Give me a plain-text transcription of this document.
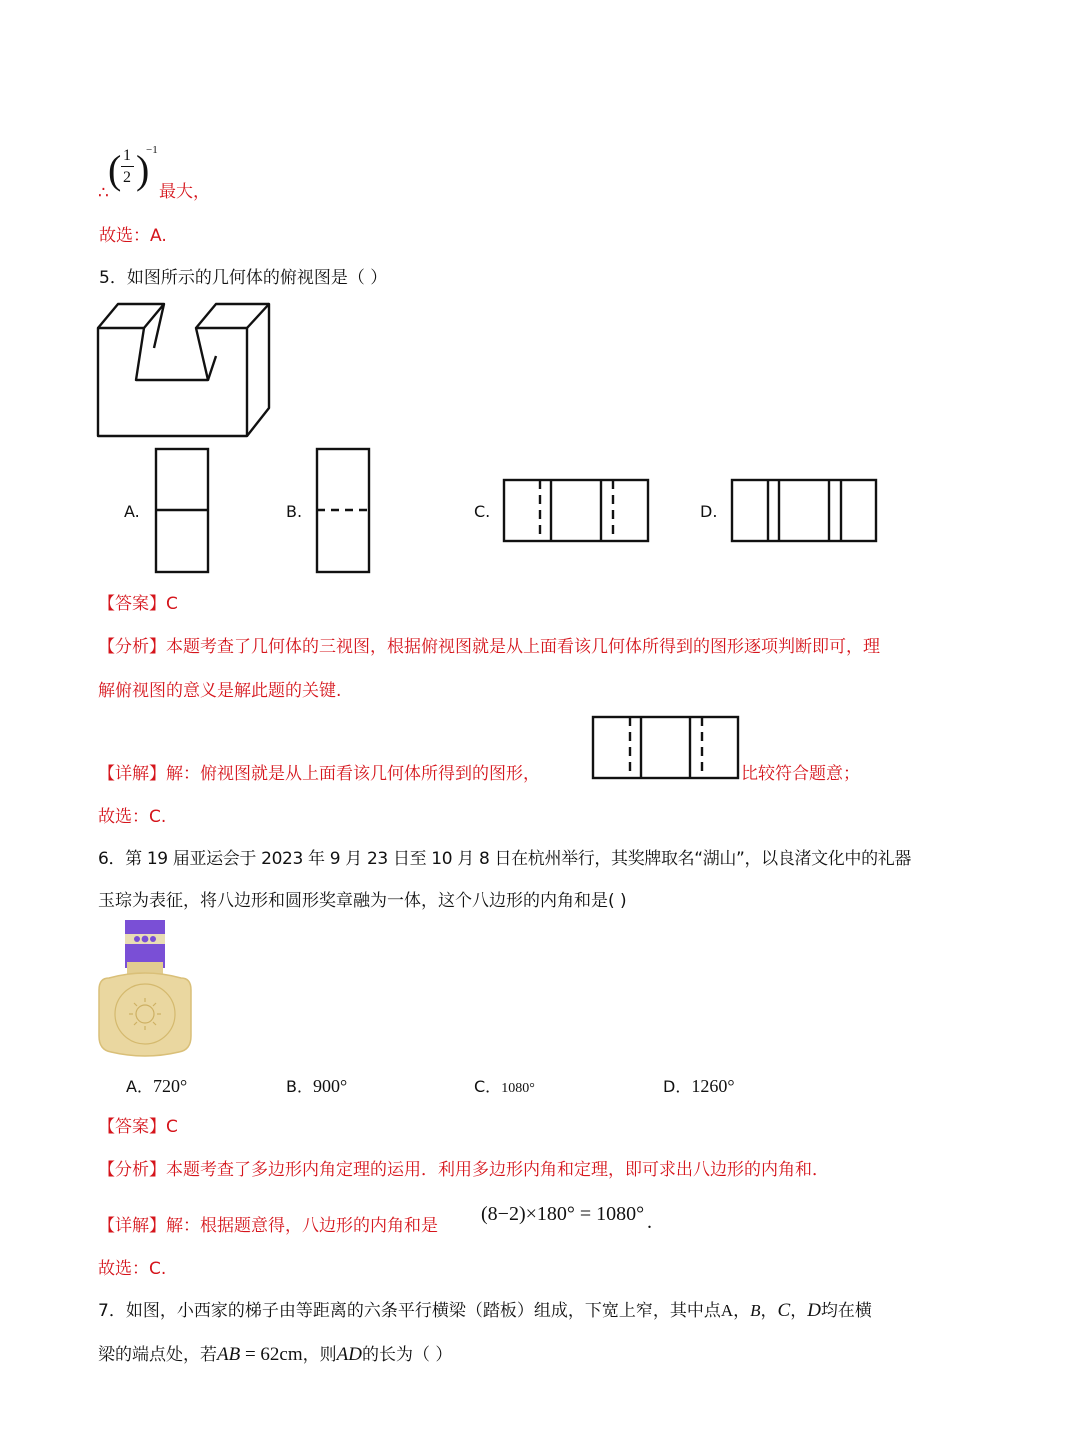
( 1
2 )
−1
∴	最大，
故选：A.
5．如图所示的几何体的俯视图是（ ）
A.	B.	C.	D.
【答案】C
【分析】本题考查了几何体的三视图，根据俯视图就是从上面看该几何体所得到的图形逐项判断即可，理
解俯视图的意义是解此题的关键.
【详解】解：俯视图就是从上面看该几何体所得到的图形，	比较符合题意；
故选：C.
6．第 19 届亚运会于 2023 年 9 月 23 日至 10 月 8 日在杭州举行，其奖牌取名“湖山”，以良渚文化中的礼器
玉琮为表征，将八边形和圆形奖章融为一体，这个八边形的内角和是( )
A．720°	B．900°	C．1080°	D．1260°
【答案】C
【分析】本题考查了多边形内角定理的运用．利用多边形内角和定理，即可求出八边形的内角和．
【详解】解：根据题意得，八边形的内角和是
(8−2)×180° = 1080° .
故选：C.
7．如图，小西家的梯子由等距离的六条平行横梁（踏板）组成，下宽上窄，其中点A，B，C，D均在横
梁的端点处，若AB = 62cm，则AD的长为（ ）
